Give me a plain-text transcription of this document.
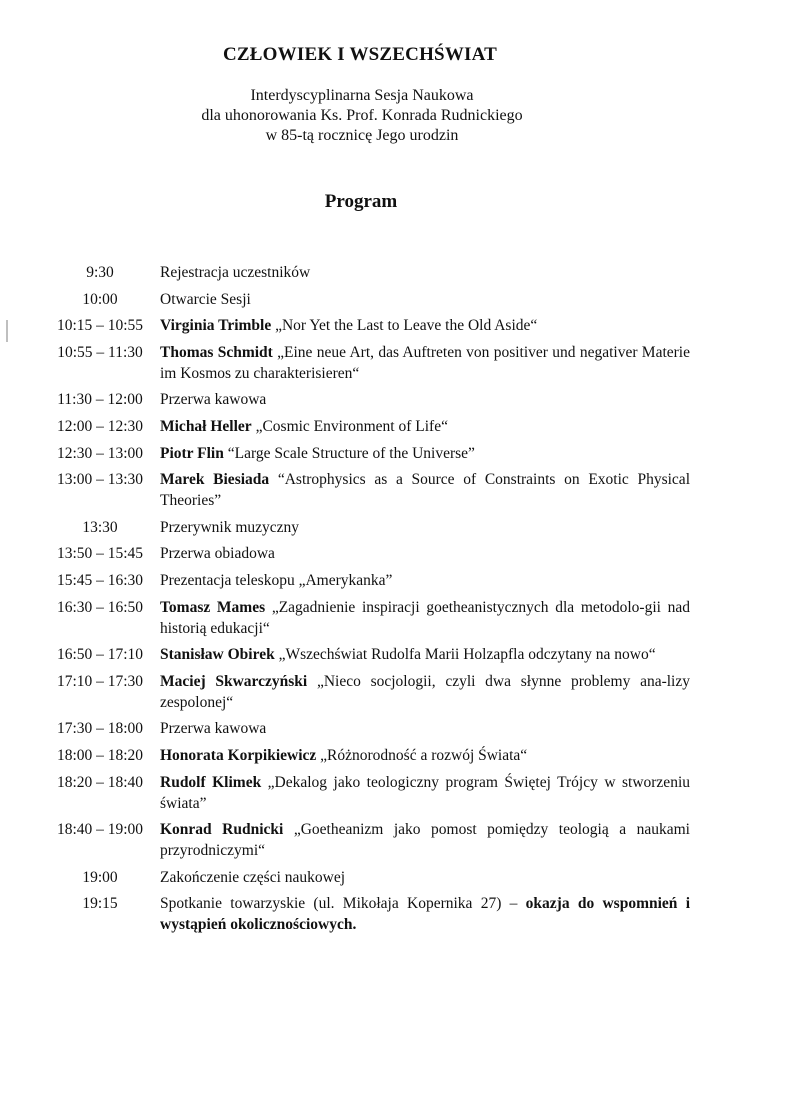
CZŁOWIEK I WSZECHŚWIAT
Interdyscyplinarna Sesja Naukowa
dla uhonorowania Ks. Prof. Konrada Rudnickiego
w 85-tą rocznicę Jego urodzin
Program
9:30	Rejestracja uczestników
10:00	Otwarcie Sesji
10:15 – 10:55	Virginia Trimble „Nor Yet the Last to Leave the Old Aside“
10:55 – 11:30	Thomas Schmidt „Eine neue Art, das Auftreten von positiver und negativer Materie im Kosmos zu charakterisieren“
11:30 – 12:00	Przerwa kawowa
12:00 – 12:30	Michał Heller „Cosmic Environment of Life“
12:30 – 13:00	Piotr Flin “Large Scale Structure of the Universe”
13:00 – 13:30	Marek Biesiada “Astrophysics as a Source of Constraints on Exotic Physical Theories”
13:30	Przerywnik muzyczny
13:50 – 15:45	Przerwa obiadowa
15:45 – 16:30	Prezentacja teleskopu „Amerykanka”
16:30 – 16:50	Tomasz Mames „Zagadnienie inspiracji goetheanistycznych dla metodolo-gii nad historią edukacji“
16:50 – 17:10	Stanisław Obirek „Wszechświat Rudolfa Marii Holzapfla odczytany na nowo“
17:10 – 17:30	Maciej Skwarczyński „Nieco socjologii, czyli dwa słynne problemy ana-lizy zespolonej“
17:30 – 18:00	Przerwa kawowa
18:00 – 18:20	Honorata Korpikiewicz „Różnorodność a rozwój Świata“
18:20 – 18:40	Rudolf Klimek „Dekalog jako teologiczny program Świętej Trójcy w stworzeniu świata”
18:40 – 19:00	Konrad Rudnicki „Goetheanizm jako pomost pomiędzy teologią a naukami przyrodniczymi“
19:00	Zakończenie części naukowej
19:15	Spotkanie towarzyskie (ul. Mikołaja Kopernika 27) – okazja do wspomnień i wystąpień okolicznościowych.
